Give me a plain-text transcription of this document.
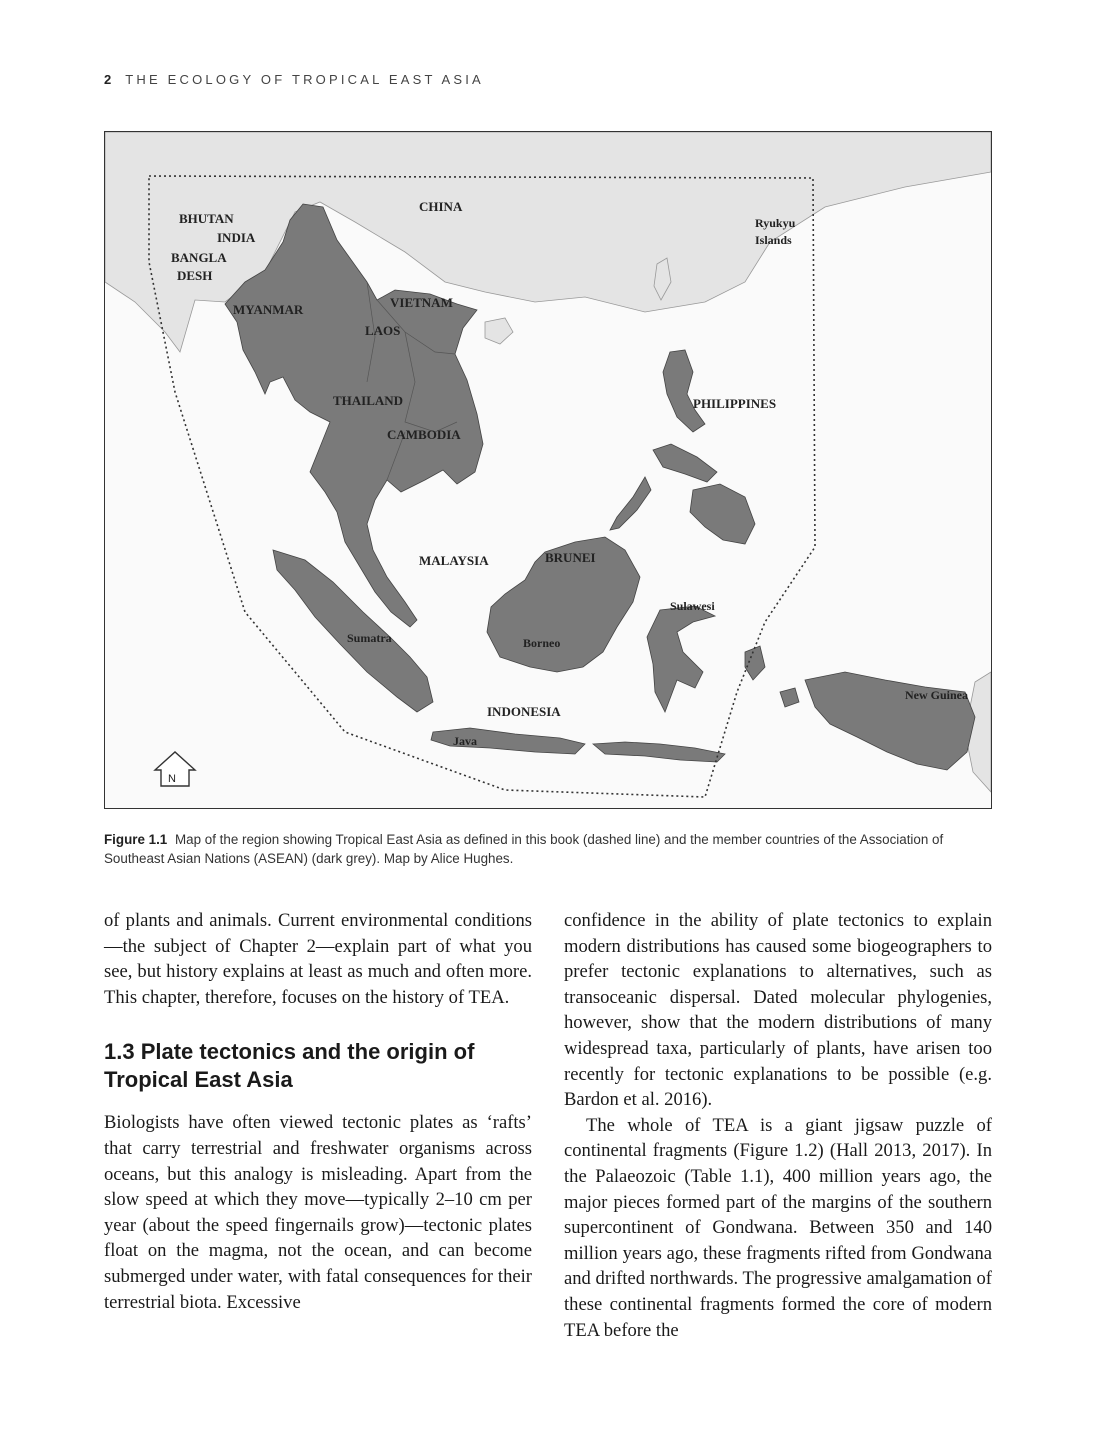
2 THE ECOLOGY OF TROPICAL EAST ASIA
CHINA
BHUTAN
INDIA
BANGLA
DESH
Ryukyu
Islands
MYANMAR	VIETNAM
LAOS
THAILAND
CAMBODIA
PHILIPPINES
MALAYSIA	BRUNEI
Sulawesi
Sumatra	Borneo
New Guinea
INDONESIA
Java
N
Figure 1.1 Map of the region showing Tropical East Asia as defined in this book (dashed line) and the member countries of the Association of Southeast Asian Nations (ASEAN) (dark grey). Map by Alice Hughes.

of plants and animals. Current environmental conditions—the subject of Chapter 2—explain part of what you see, but history explains at least as much and often more. This chapter, therefore, focuses on the history of TEA.

1.3 Plate tectonics and the origin of Tropical East Asia

Biologists have often viewed tectonic plates as ‘rafts’ that carry terrestrial and freshwater organisms across oceans, but this analogy is misleading. Apart from the slow speed at which they move—typically 2–10 cm per year (about the speed fingernails grow)—tectonic plates float on the magma, not the ocean, and can become submerged under water, with fatal consequences for their terrestrial biota. Excessive

confidence in the ability of plate tectonics to explain modern distributions has caused some biogeographers to prefer tectonic explanations to alternatives, such as transoceanic dispersal. Dated molecular phylogenies, however, show that the modern distributions of many widespread taxa, particularly of plants, have arisen too recently for tectonic explanations to be possible (e.g. Bardon et al. 2016).

The whole of TEA is a giant jigsaw puzzle of continental fragments (Figure 1.2) (Hall 2013, 2017). In the Palaeozoic (Table 1.1), 400 million years ago, the major pieces formed part of the margins of the southern supercontinent of Gondwana. Between 350 and 140 million years ago, these fragments rifted from Gondwana and drifted northwards. The progressive amalgamation of these continental fragments formed the core of modern TEA before the
